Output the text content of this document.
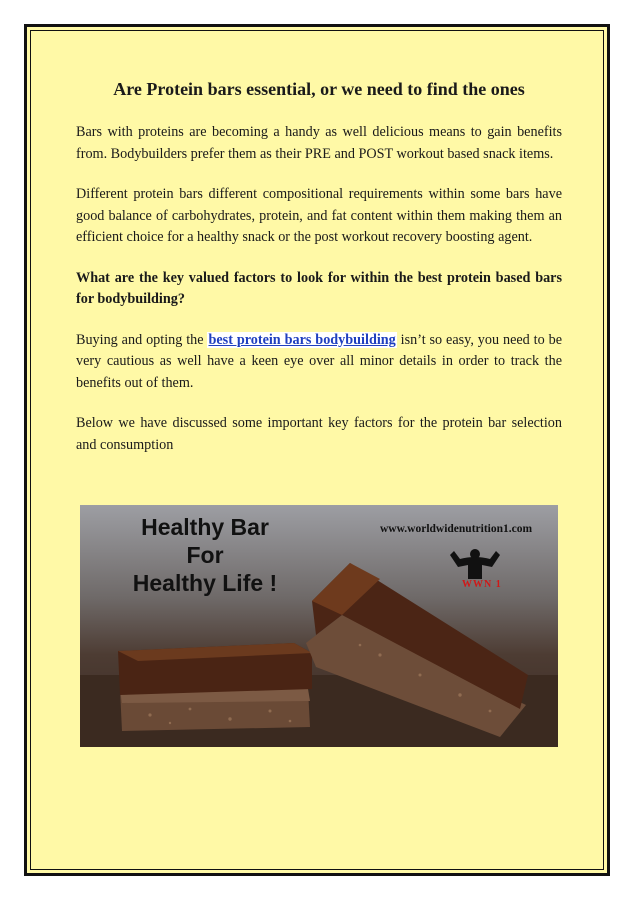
Are Protein bars essential, or we need to find the ones

Bars with proteins are becoming a handy as well delicious means to gain benefits from. Bodybuilders prefer them as their PRE and POST workout based snack items.

Different protein bars different compositional requirements within some bars have good balance of carbohydrates, protein, and fat content within them making them an efficient choice for a healthy snack or the post workout recovery boosting agent.

What are the key valued factors to look for within the best protein based bars for bodybuilding?

Buying and opting the best protein bars bodybuilding isn’t so easy, you need to be very cautious as well have a keen eye over all minor details in order to track the benefits out of them.

Below we have discussed some important key factors for the protein bar selection and consumption

Healthy Bar
For
Healthy Life !
www.worldwidenutrition1.com
WWN 1
